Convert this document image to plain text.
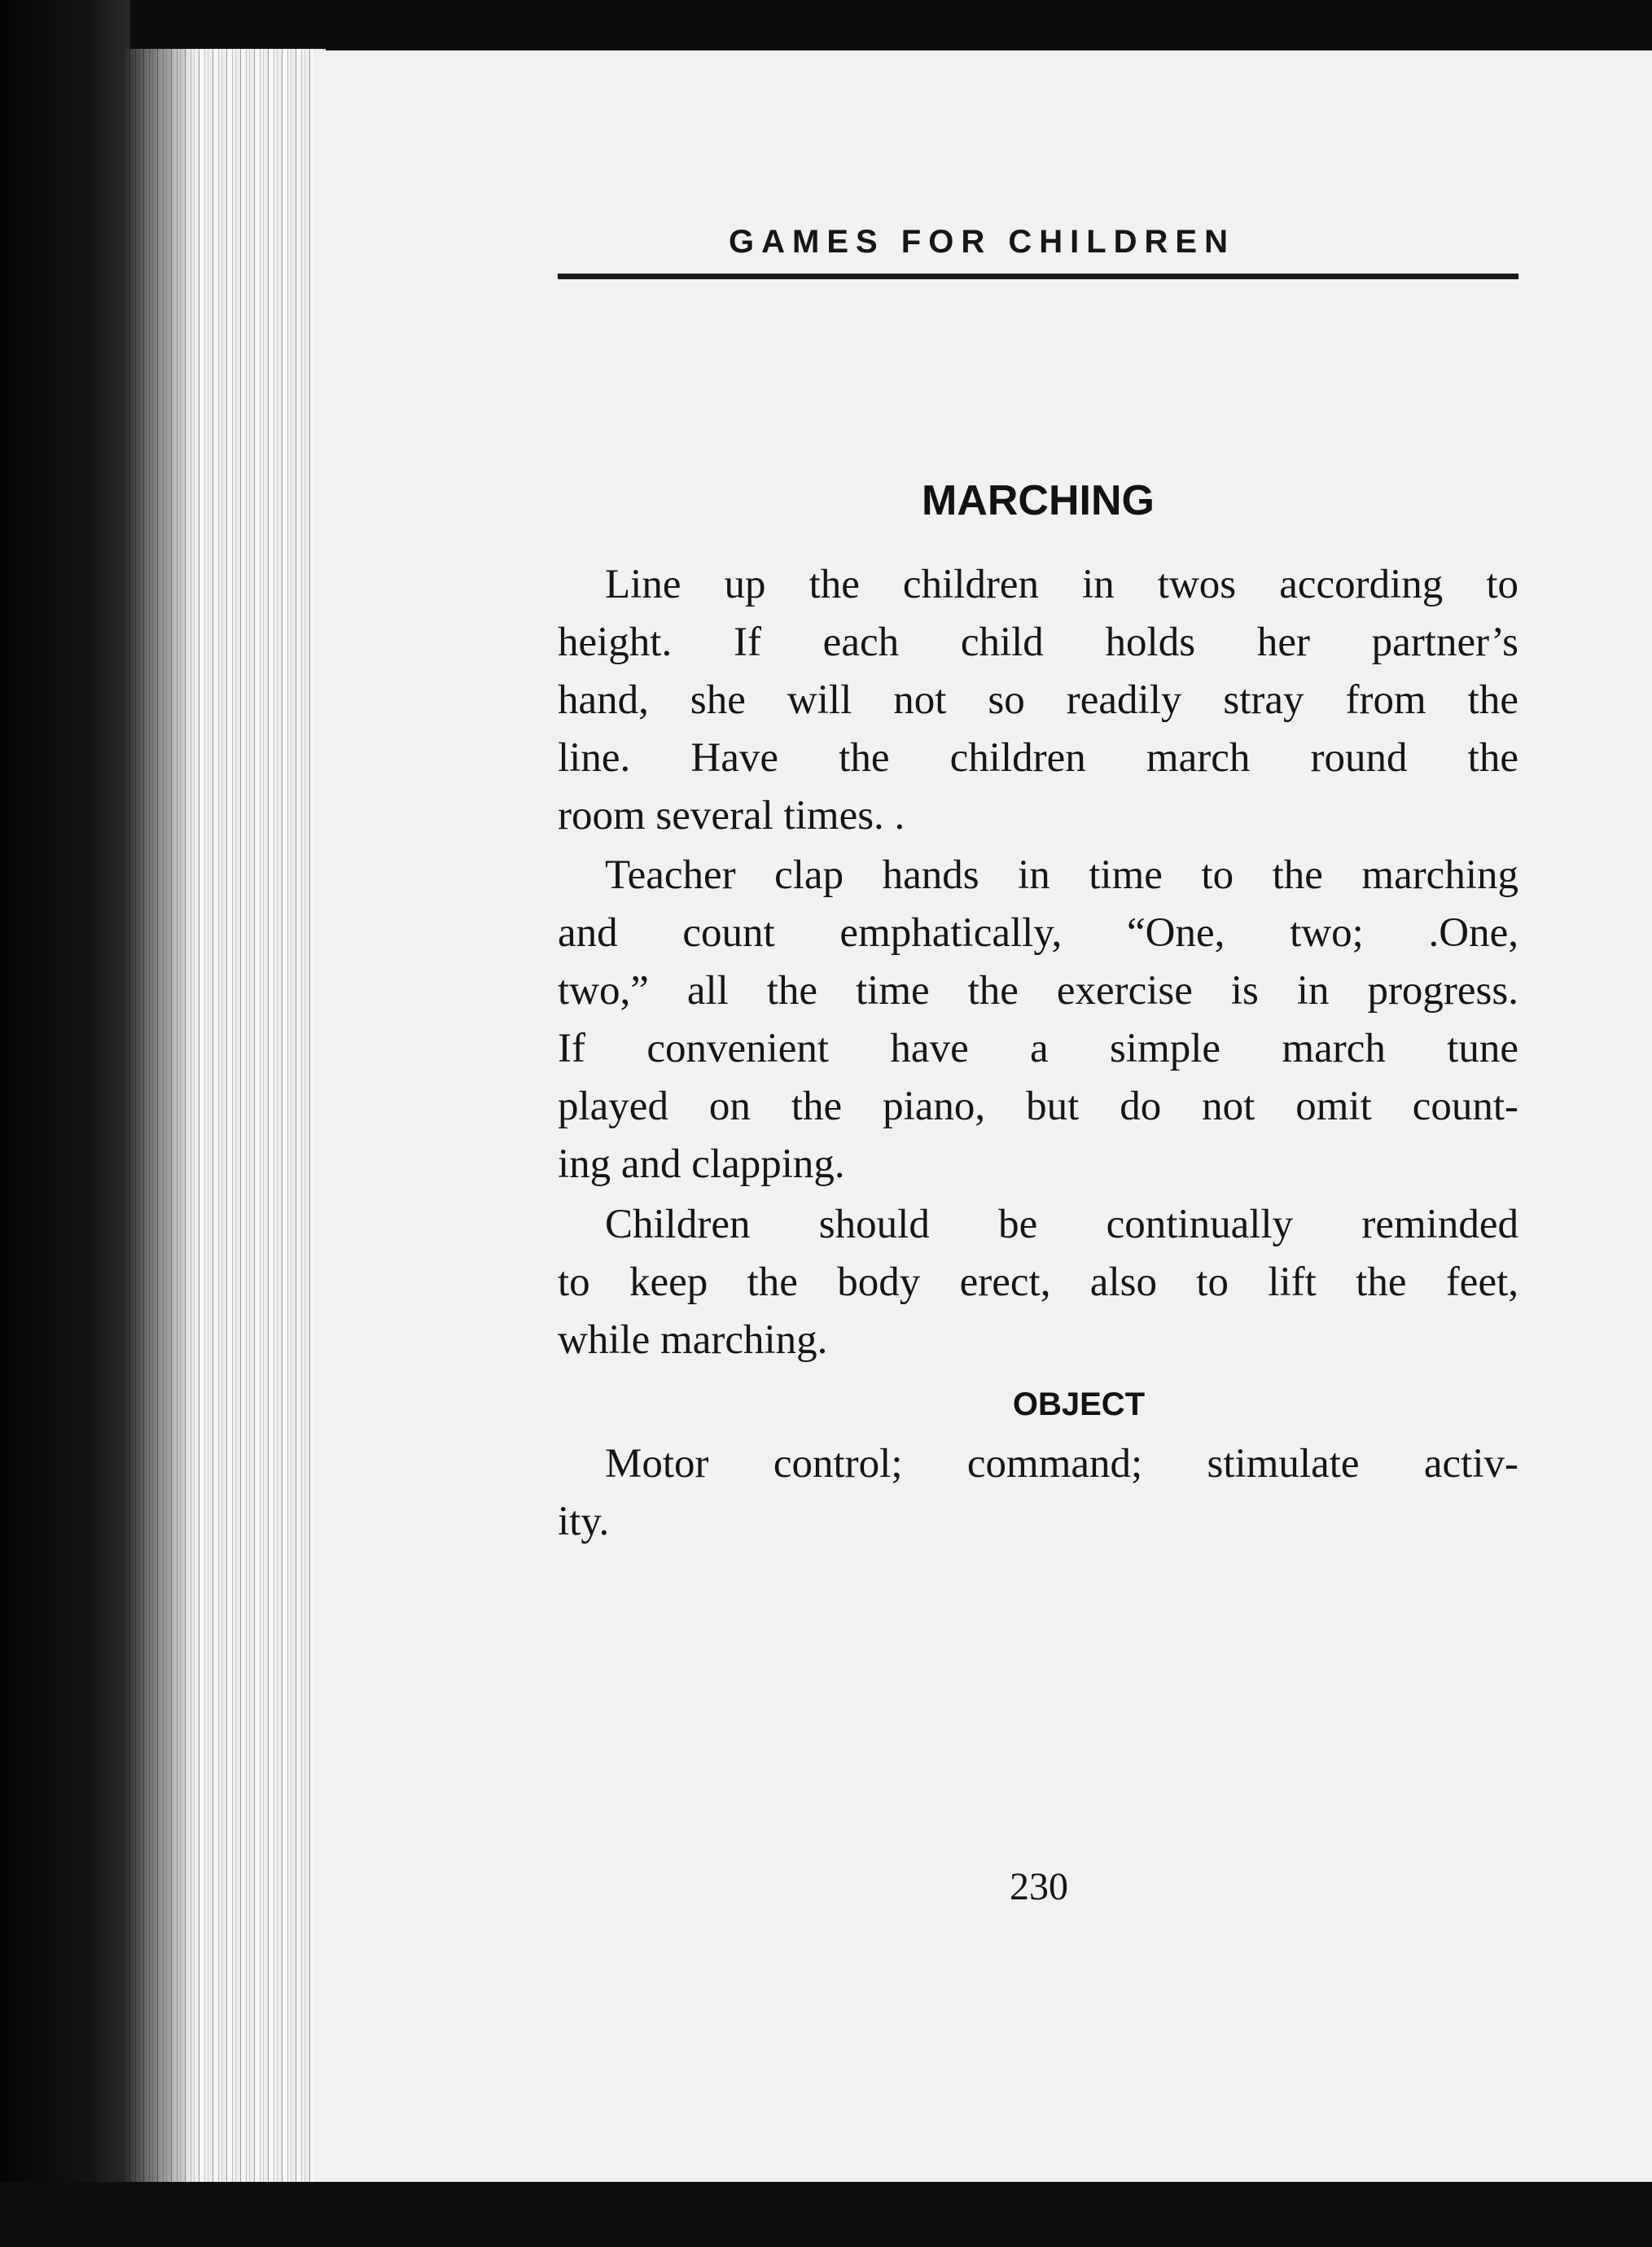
GAMES FOR CHILDREN
MARCHING
Line up the children in twos according to
height. If each child holds her partner’s
hand, she will not so readily stray from the
line. Have the children march round the
room several times. .
Teacher clap hands in time to the marching
and count emphatically, “One, two; .One,
two,” all the time the exercise is in progress.
If convenient have a simple march tune
played on the piano, but do not omit count-
ing and clapping.
Children should be continually reminded
to keep the body erect, also to lift the feet,
while marching.
OBJECT
Motor control; command; stimulate activ-
ity.
230
